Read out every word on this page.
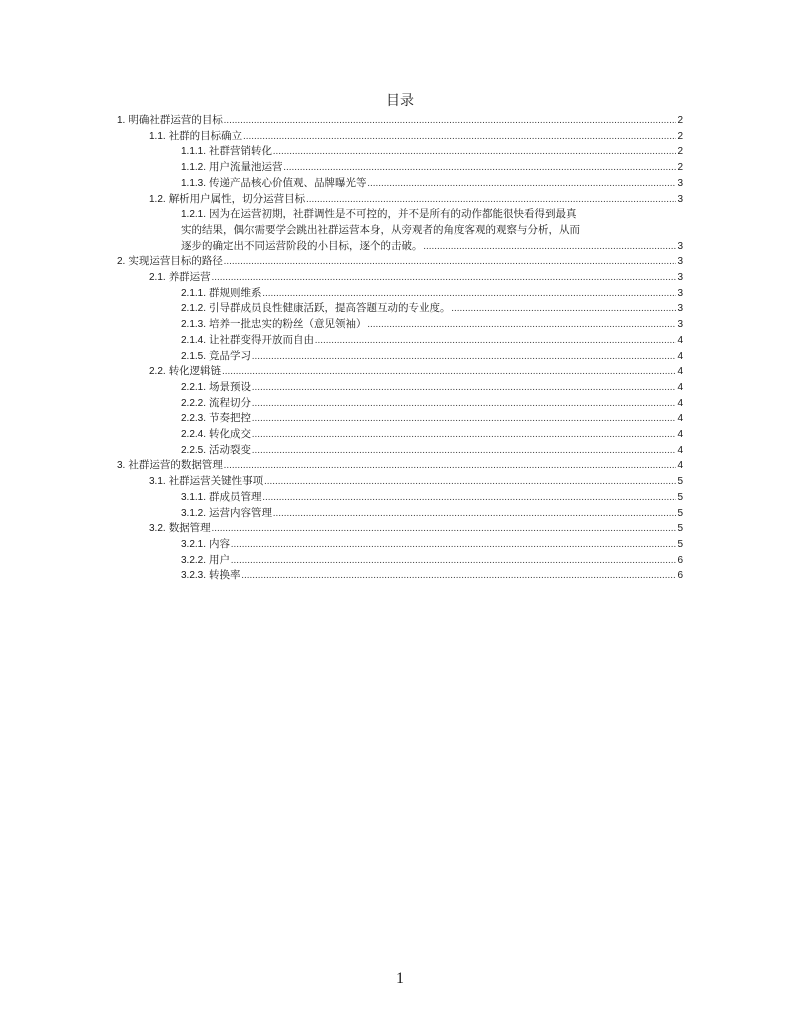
目录
1. 明确社群运营的目标 .....	2
1.1. 社群的目标确立 .....	2
1.1.1. 社群营销转化 .....	2
1.1.2. 用户流量池运营 .....	2
1.1.3. 传递产品核心价值观、品牌曝光等 .....	3
1.2. 解析用户属性，切分运营目标 .....	3
1.2.1. 因为在运营初期，社群调性是不可控的，并不是所有的动作都能很快看得到最真
实的结果，偶尔需要学会跳出社群运营本身，从旁观者的角度客观的观察与分析，从而
逐步的确定出不同运营阶段的小目标，逐个的击破。 .....	3
2. 实现运营目标的路径 .....	3
2.1. 养群运营 .....	3
2.1.1. 群规则维系 .....	3
2.1.2. 引导群成员良性健康活跃，提高答题互动的专业度。 .....	3
2.1.3. 培养一批忠实的粉丝（意见领袖） .....	3
2.1.4. 让社群变得开放而自由 .....	4
2.1.5. 竞品学习 .....	4
2.2. 转化逻辑链 .....	4
2.2.1. 场景预设 .....	4
2.2.2. 流程切分 .....	4
2.2.3. 节奏把控 .....	4
2.2.4. 转化成交 .....	4
2.2.5. 活动裂变 .....	4
3. 社群运营的数据管理 .....	4
3.1. 社群运营关键性事项 .....	5
3.1.1. 群成员管理 .....	5
3.1.2. 运营内容管理 .....	5
3.2. 数据管理 .....	5
3.2.1. 内容 .....	5
3.2.2. 用户 .....	6
3.2.3. 转换率 .....	6
1
